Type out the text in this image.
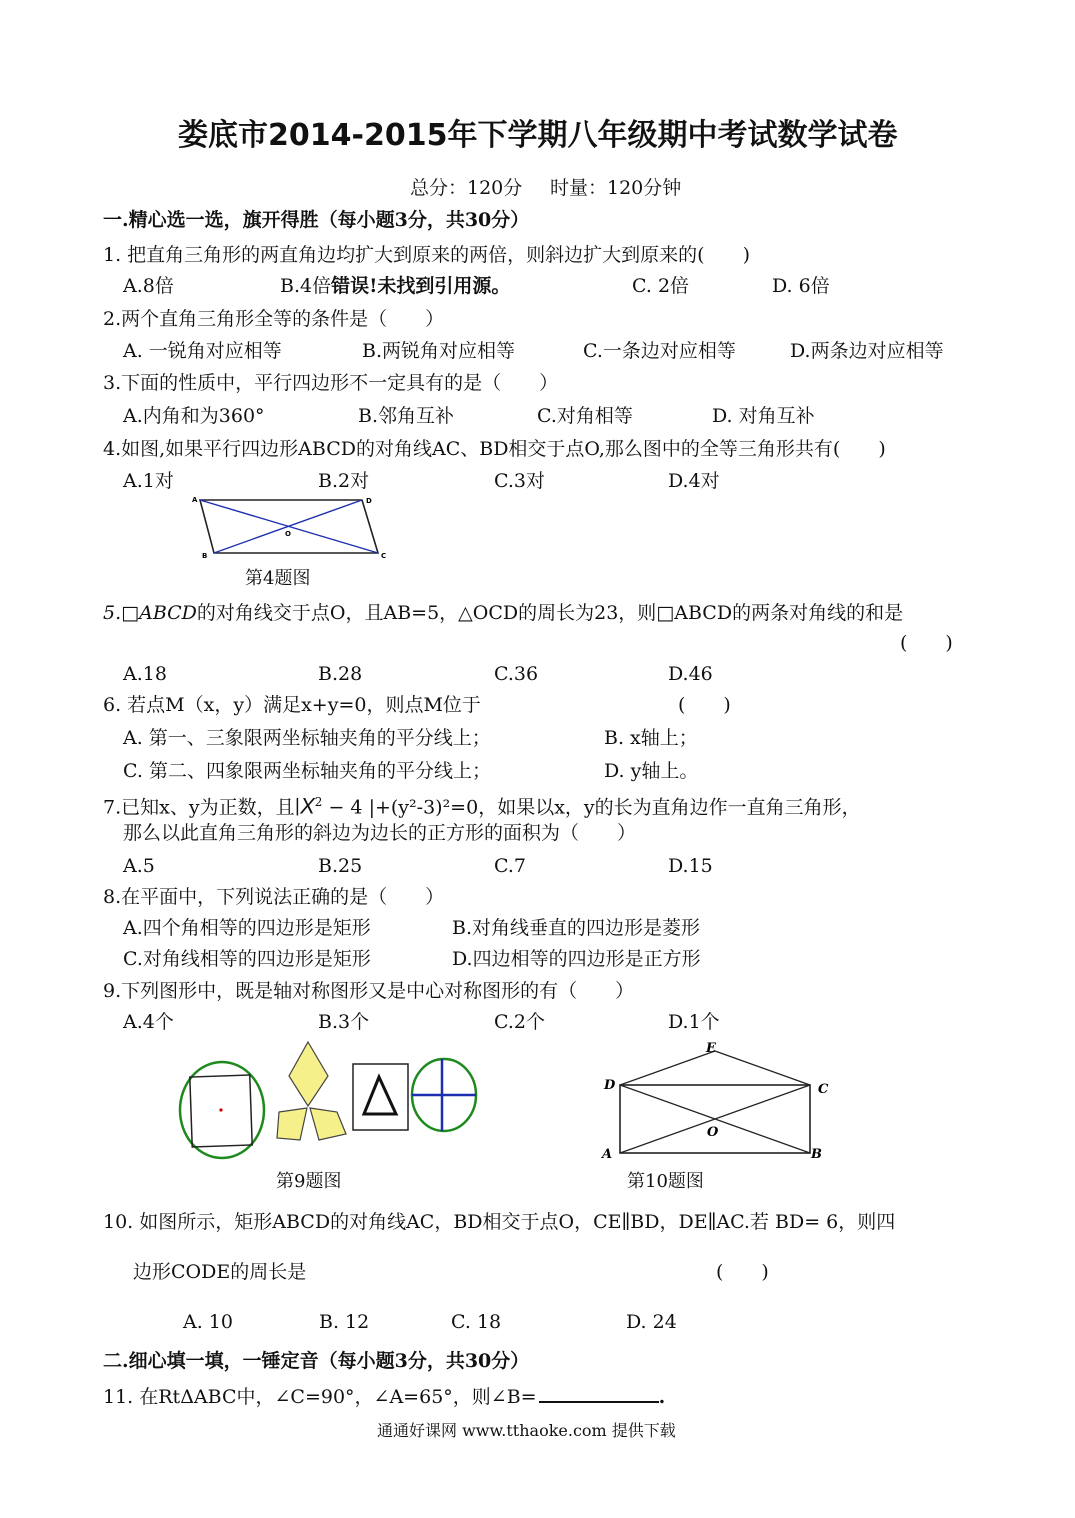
娄底市2014-2015年下学期八年级期中考试数学试卷
总分：120分 时量：120分钟
一.精心选一选，旗开得胜（每小题3分，共30分）
1. 把直角三角形的两直角边均扩大到原来的两倍，则斜边扩大到原来的(　　)
A.8倍	B.4倍错误!未找到引用源。	C. 2倍	D. 6倍
2.两个直角三角形全等的条件是（　　）
A. 一锐角对应相等	B.两锐角对应相等	C.一条边对应相等	D.两条边对应相等
3.下面的性质中，平行四边形不一定具有的是（　　）
A.内角和为360°	B.邻角互补	C.对角相等	D. 对角互补
4.如图,如果平行四边形ABCD的对角线AC、BD相交于点O,那么图中的全等三角形共有(　　)
A.1对	B.2对	C.3对	D.4对
A	D
B	C
O
第4题图
5.□ABCD的对角线交于点O，且AB=5，△OCD的周长为23，则□ABCD的两条对角线的和是
(　　)
A.18	B.28	C.36	D.46
6. 若点M（x，y）满足x+y=0，则点M位于	(　　)
A. 第一、三象限两坐标轴夹角的平分线上；	B. x轴上；
C. 第二、四象限两坐标轴夹角的平分线上；	D. y轴上。
7.已知x、y为正数，且$∣X^2 - 4$ |+(y²-3)²=0，如果以x，y的长为直角边作一直角三角形，
那么以此直角三角形的斜边为边长的正方形的面积为（　　）
A.5	B.25	C.7	D.15
8.在平面中，下列说法正确的是（　　）
A.四个角相等的四边形是矩形	B.对角线垂直的四边形是菱形
C.对角线相等的四边形是矩形	D.四边相等的四边形是正方形
9.下列图形中，既是轴对称图形又是中心对称图形的有（　　）
A.4个	B.3个	C.2个	D.1个
第9题图
E
D	C
A	B
O
第10题图
10. 如图所示，矩形ABCD的对角线AC，BD相交于点O，CE∥BD，DE∥AC.若 BD= 6，则四
边形CODE的周长是	(　　)
A. 10	B. 12	C. 18	D. 24
二.细心填一填，一锤定音（每小题3分，共30分）
11. 在RtΔABC中，∠C=90°，∠A=65°，则∠B=	.
通通好课网 www.tthaoke.com 提供下载
